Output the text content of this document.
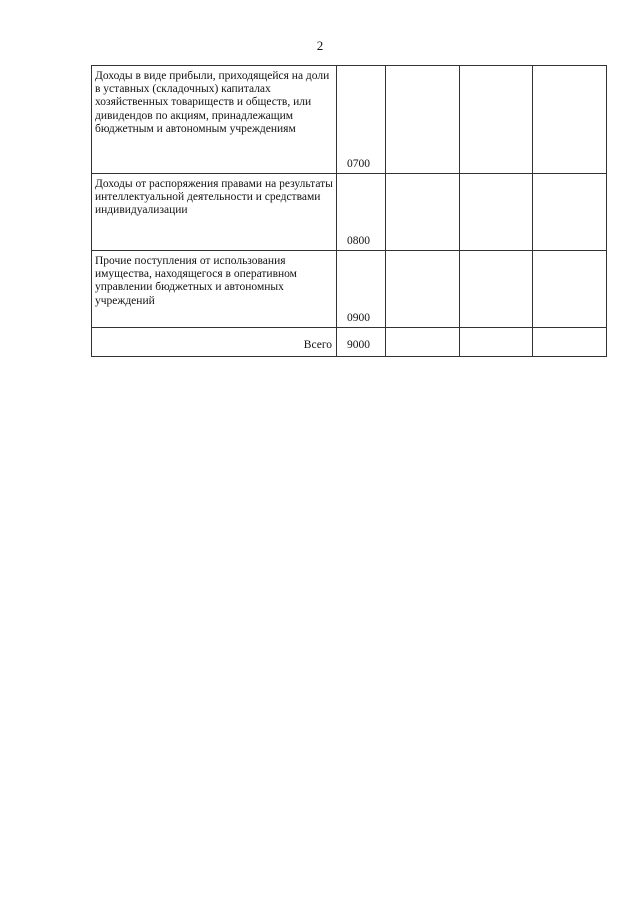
2
Доходы в виде прибыли, приходящейся на доли в уставных (складочных) капиталах хозяйственных товариществ и обществ, или дивидендов по акциям, принадлежащим бюджетным и автономным учреждениям	0700			
Доходы от распоряжения правами на результаты интеллектуальной деятельности и средствами индивидуализации	0800			
Прочие поступления от использования имущества, находящегося в оперативном управлении бюджетных и автономных учреждений	0900			
Всего	9000			
